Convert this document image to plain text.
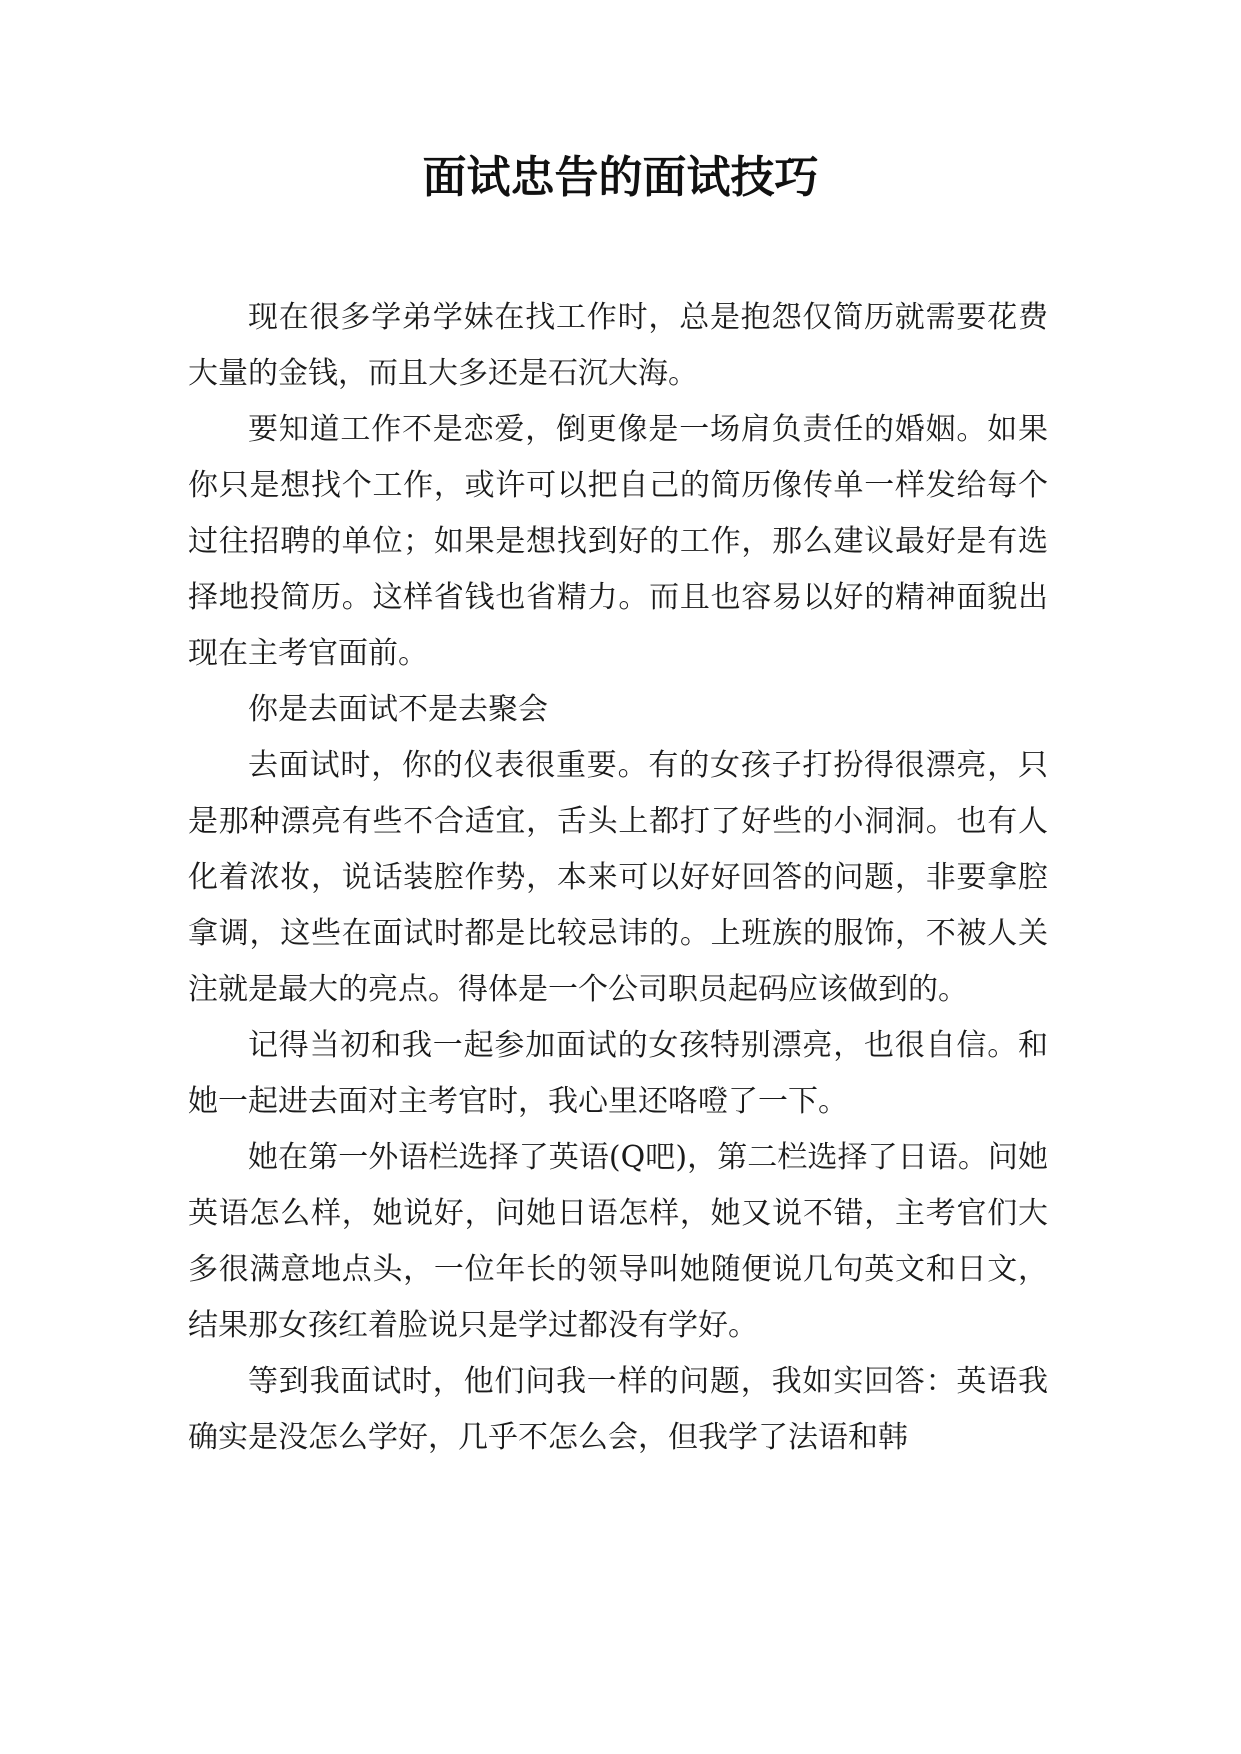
面试忠告的面试技巧

现在很多学弟学妹在找工作时，总是抱怨仅简历就需要花费大量的金钱，而且大多还是石沉大海。

要知道工作不是恋爱，倒更像是一场肩负责任的婚姻。如果你只是想找个工作，或许可以把自己的简历像传单一样发给每个过往招聘的单位；如果是想找到好的工作，那么建议最好是有选择地投简历。这样省钱也省精力。而且也容易以好的精神面貌出现在主考官面前。

你是去面试不是去聚会

去面试时，你的仪表很重要。有的女孩子打扮得很漂亮，只是那种漂亮有些不合适宜，舌头上都打了好些的小洞洞。也有人化着浓妆，说话装腔作势，本来可以好好回答的问题，非要拿腔拿调，这些在面试时都是比较忌讳的。上班族的服饰，不被人关注就是最大的亮点。得体是一个公司职员起码应该做到的。

记得当初和我一起参加面试的女孩特别漂亮，也很自信。和她一起进去面对主考官时，我心里还咯噔了一下。

她在第一外语栏选择了英语(Q吧)，第二栏选择了日语。问她英语怎么样，她说好，问她日语怎样，她又说不错，主考官们大多很满意地点头，一位年长的领导叫她随便说几句英文和日文，结果那女孩红着脸说只是学过都没有学好。

等到我面试时，他们问我一样的问题，我如实回答：英语我确实是没怎么学好，几乎不怎么会，但我学了法语和韩
